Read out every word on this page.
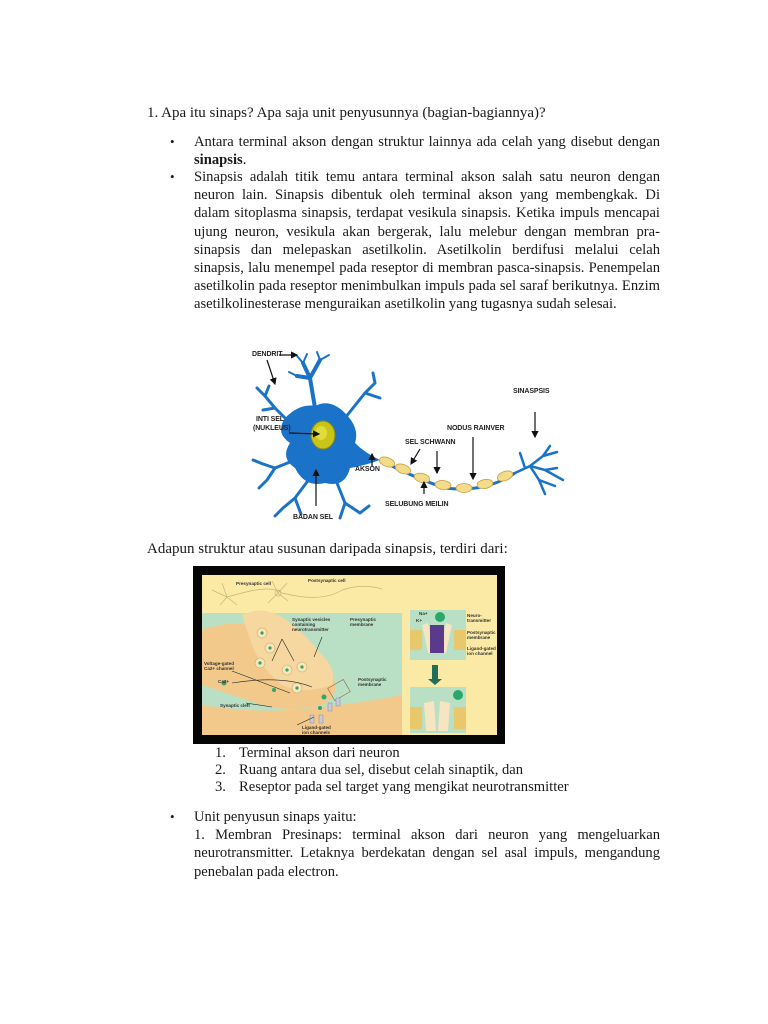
1. Apa itu sinaps? Apa saja unit penyusunnya (bagian-bagiannya)?
•	Antara terminal akson dengan struktur lainnya ada celah yang disebut dengan sinapsis.
•	Sinapsis adalah titik temu antara terminal akson salah satu neuron dengan neuron lain. Sinapsis dibentuk oleh terminal akson yang membengkak. Di dalam sitoplasma sinapsis, terdapat vesikula sinapsis. Ketika impuls mencapai ujung neuron, vesikula akan bergerak, lalu melebur dengan membran pra-sinapsis dan melepaskan asetilkolin. Asetilkolin berdifusi melalui celah sinapsis, lalu menempel pada reseptor di membran pasca-sinapsis. Penempelan asetilkolin pada reseptor menimbulkan impuls pada sel saraf berikutnya. Enzim asetilkolinesterase menguraikan asetilkolin yang tugasnya sudah selesai.
DENDRIT
INTI SEL
(NUKLEUS)
AKSON
BADAN SEL
SEL SCHWANN
SELUBUNG MEILIN
NODUS RAINVER
SINASPSIS
Adapun struktur atau susunan daripada sinapsis, terdiri dari:
Presynaptic cell
Postsynaptic cell
Synaptic vesicles containing neurotransmitter
Presynaptic membrane
Voltage-gated Ca2+ channel
Ca2+	Postsynaptic membrane
Synaptic cleft
Ligand-gated ion channels
Na+
K+
Neuro-transmitter
Postsynaptic membrane
Ligand-gated ion channel
1. Terminal akson dari neuron
2. Ruang antara dua sel, disebut celah sinaptik, dan
3. Reseptor pada sel target yang mengikat neurotransmitter
•	Unit penyusun sinaps yaitu:
1. Membran Presinaps: terminal akson dari neuron yang mengeluarkan neurotransmitter. Letaknya berdekatan dengan sel asal impuls, mengandung penebalan pada electron.
